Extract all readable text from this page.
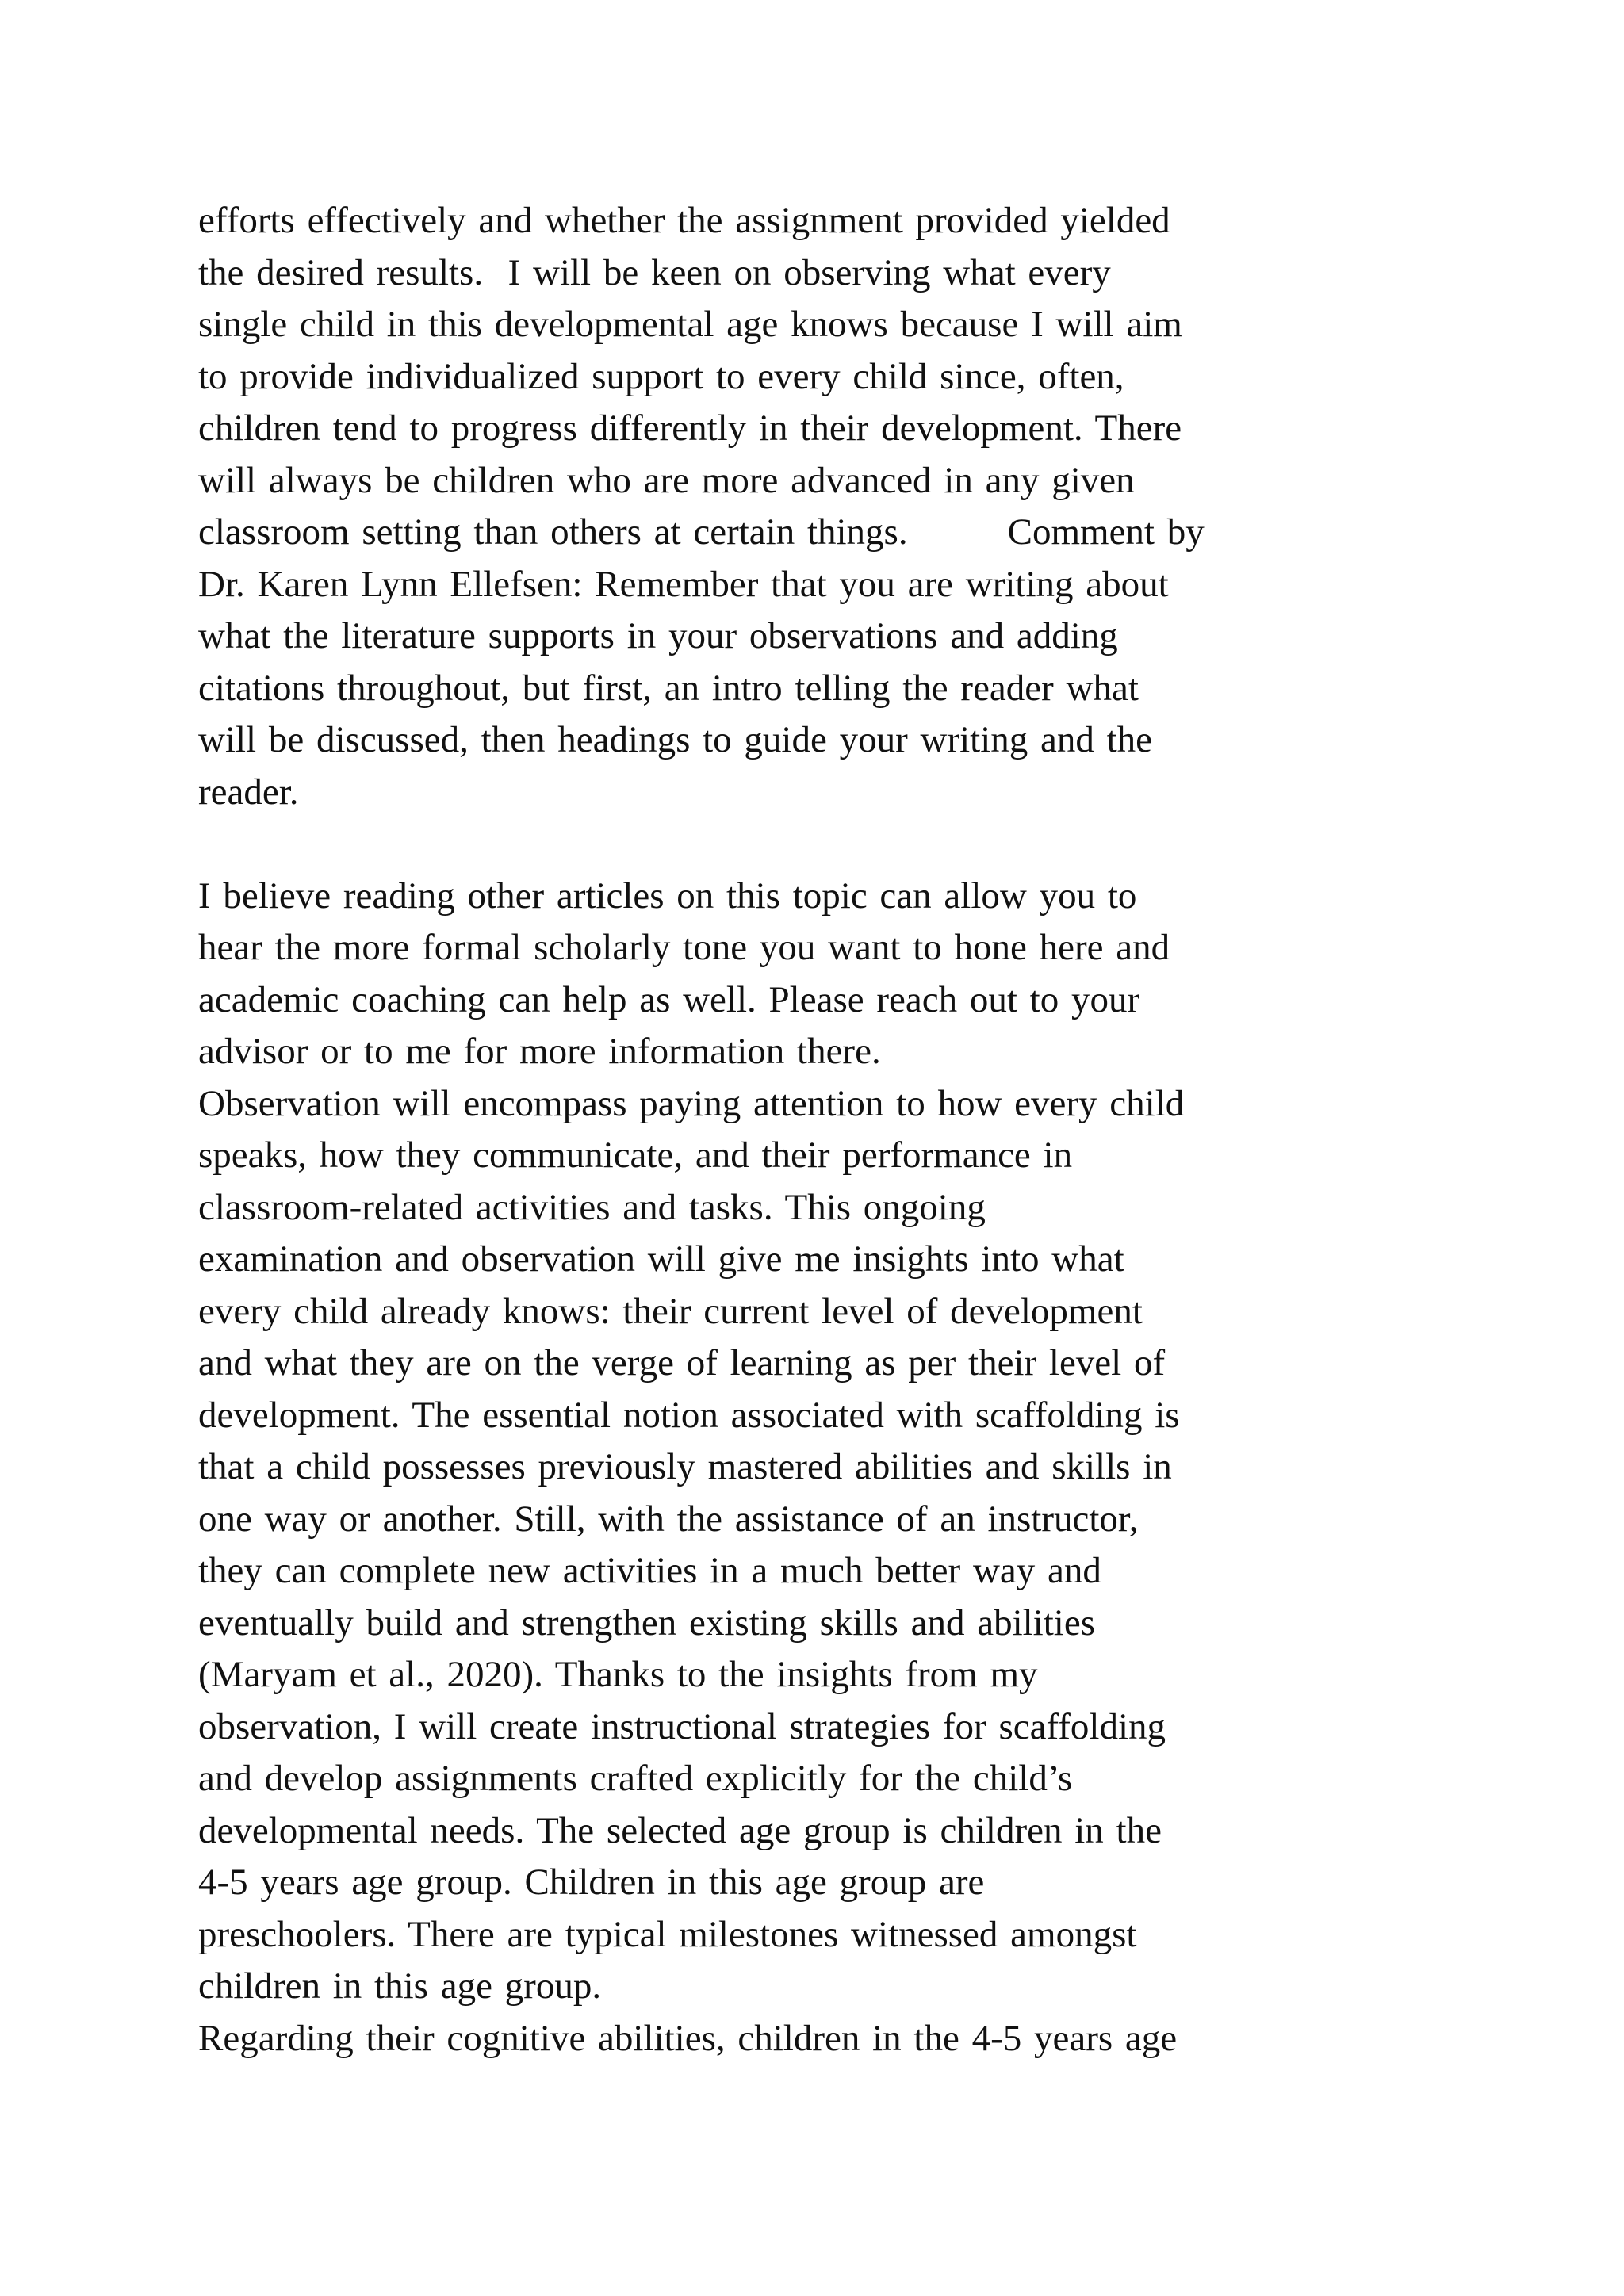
efforts effectively and whether the assignment provided yielded
the desired results.  I will be keen on observing what every
single child in this developmental age knows because I will aim
to provide individualized support to every child since, often,
children tend to progress differently in their development. There
will always be children who are more advanced in any given
classroom setting than others at certain things.        Comment by
Dr. Karen Lynn Ellefsen: Remember that you are writing about
what the literature supports in your observations and adding
citations throughout, but first, an intro telling the reader what
will be discussed, then headings to guide your writing and the
reader.
I believe reading other articles on this topic can allow you to
hear the more formal scholarly tone you want to hone here and
academic coaching can help as well. Please reach out to your
advisor or to me for more information there.
Observation will encompass paying attention to how every child
speaks, how they communicate, and their performance in
classroom-related activities and tasks. This ongoing
examination and observation will give me insights into what
every child already knows: their current level of development
and what they are on the verge of learning as per their level of
development. The essential notion associated with scaffolding is
that a child possesses previously mastered abilities and skills in
one way or another. Still, with the assistance of an instructor,
they can complete new activities in a much better way and
eventually build and strengthen existing skills and abilities
(Maryam et al., 2020). Thanks to the insights from my
observation, I will create instructional strategies for scaffolding
and develop assignments crafted explicitly for the child’s
developmental needs. The selected age group is children in the
4-5 years age group. Children in this age group are
preschoolers. There are typical milestones witnessed amongst
children in this age group.
Regarding their cognitive abilities, children in the 4-5 years age
